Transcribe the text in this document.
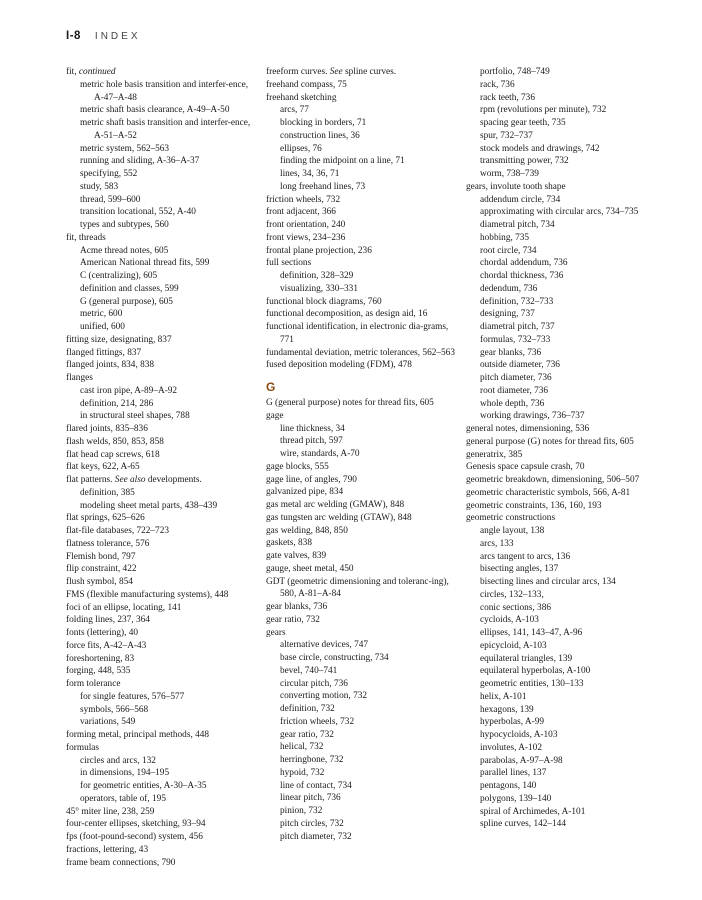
I-8 INDEX

fit, continued

metric hole basis transition and interfer-ence, A-47–A-48

metric shaft basis clearance, A-49–A-50

metric shaft basis transition and interfer-ence, A-51–A-52

metric system, 562–563

running and sliding, A-36–A-37

specifying, 552

study, 583

thread, 599–600

transition locational, 552, A-40

types and subtypes, 560

fit, threads

Acme thread notes, 605

American National thread fits, 599

C (centralizing), 605

definition and classes, 599

G (general purpose), 605

metric, 600

unified, 600

fitting size, designating, 837

flanged fittings, 837

flanged joints, 834, 838

flanges

cast iron pipe, A-89–A-92

definition, 214, 286

in structural steel shapes, 788

flared joints, 835–836

flash welds, 850, 853, 858

flat head cap screws, 618

flat keys, 622, A-65

flat patterns. See also developments.

definition, 385

modeling sheet metal parts, 438–439

flat springs, 625–626

flat-file databases, 722–723

flatness tolerance, 576

Flemish bond, 797

flip constraint, 422

flush symbol, 854

FMS (flexible manufacturing systems), 448

foci of an ellipse, locating, 141

folding lines, 237, 364

fonts (lettering), 40

force fits, A-42–A-43

foreshortening, 83

forging, 448, 535

form tolerance

for single features, 576–577

symbols, 566–568

variations, 549

forming metal, principal methods, 448

formulas

circles and arcs, 132

in dimensions, 194–195

for geometric entities, A-30–A-35

operators, table of, 195

45° miter line, 238, 259

four-center ellipses, sketching, 93–94

fps (foot-pound-second) system, 456

fractions, lettering, 43

frame beam connections, 790

freeform curves. See spline curves.

freehand compass, 75

freehand sketching

arcs, 77

blocking in borders, 71

construction lines, 36

ellipses, 76

finding the midpoint on a line, 71

lines, 34, 36, 71

long freehand lines, 73

friction wheels, 732

front adjacent, 366

front orientation, 240

front views, 234–236

frontal plane projection, 236

full sections

definition, 328–329

visualizing, 330–331

functional block diagrams, 760

functional decomposition, as design aid, 16

functional identification, in electronic dia-grams, 771

fundamental deviation, metric tolerances, 562–563

fused deposition modeling (FDM), 478

G

G (general purpose) notes for thread fits, 605

gage

line thickness, 34

thread pitch, 597

wire, standards, A-70

gage blocks, 555

gage line, of angles, 790

galvanized pipe, 834

gas metal arc welding (GMAW), 848

gas tungsten arc welding (GTAW), 848

gas welding, 848, 850

gaskets, 838

gate valves, 839

gauge, sheet metal, 450

GDT (geometric dimensioning and toleranc-ing), 580, A-81–A-84

gear blanks, 736

gear ratio, 732

gears

alternative devices, 747

base circle, constructing, 734

bevel, 740–741

circular pitch, 736

converting motion, 732

definition, 732

friction wheels, 732

gear ratio, 732

helical, 732

herringbone, 732

hypoid, 732

line of contact, 734

linear pitch, 736

pinion, 732

pitch circles, 732

pitch diameter, 732

portfolio, 748–749

rack, 736

rack teeth, 736

rpm (revolutions per minute), 732

spacing gear teeth, 735

spur, 732–737

stock models and drawings, 742

transmitting power, 732

worm, 738–739

gears, involute tooth shape

addendum circle, 734

approximating with circular arcs, 734–735

diametral pitch, 734

hobbing, 735

root circle, 734

chordal addendum, 736

chordal thickness, 736

dedendum, 736

definition, 732–733

designing, 737

diametral pitch, 737

formulas, 732–733

gear blanks, 736

outside diameter, 736

pitch diameter, 736

root diameter, 736

whole depth, 736

working drawings, 736–737

general notes, dimensioning, 536

general purpose (G) notes for thread fits, 605

generatrix, 385

Genesis space capsule crash, 70

geometric breakdown, dimensioning, 506–507

geometric characteristic symbols, 566, A-81

geometric constraints, 136, 160, 193

geometric constructions

angle layout, 138

arcs, 133

arcs tangent to arcs, 136

bisecting angles, 137

bisecting lines and circular arcs, 134

circles, 132–133,

conic sections, 386

cycloids, A-103

ellipses, 141, 143–47, A-96

epicycloid, A-103

equilateral triangles, 139

equilateral hyperbolas, A-100

geometric entities, 130–133

helix, A-101

hexagons, 139

hyperbolas, A-99

hypocycloids, A-103

involutes, A-102

parabolas, A-97–A-98

parallel lines, 137

pentagons, 140

polygons, 139–140

spiral of Archimedes, A-101

spline curves, 142–144
